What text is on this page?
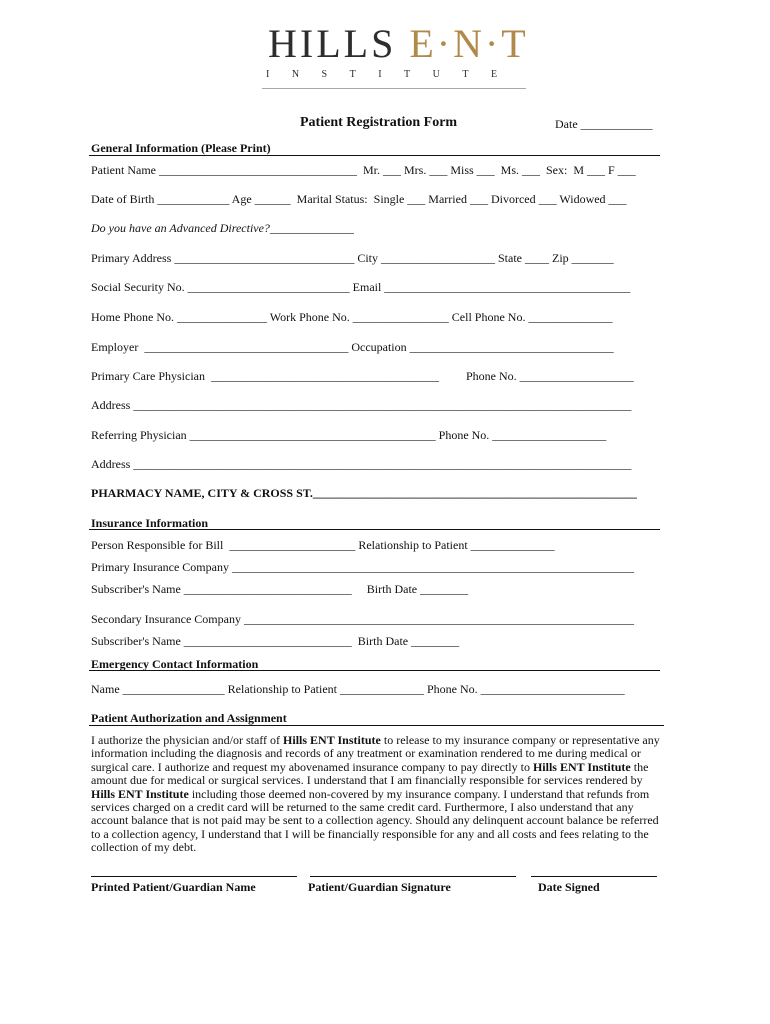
HILLS E·N·T
INSTITUTE
Patient Registration Form	Date ____________
General Information (Please Print)
Patient Name _________________________________  Mr. ___ Mrs. ___ Miss ___  Ms. ___  Sex:  M ___ F ___
Date of Birth ____________ Age ______  Marital Status:  Single ___ Married ___ Divorced ___ Widowed ___
Do you have an Advanced Directive?______________
Primary Address ______________________________ City ___________________ State ____ Zip _______
Social Security No. ___________________________ Email _________________________________________
Home Phone No. _______________ Work Phone No. ________________ Cell Phone No. ______________
Employer  __________________________________ Occupation __________________________________
Primary Care Physician  ______________________________________         Phone No. ___________________
Address ___________________________________________________________________________________
Referring Physician _________________________________________ Phone No. ___________________
Address ___________________________________________________________________________________
PHARMACY NAME, CITY & CROSS ST.______________________________________________________
Insurance Information
Person Responsible for Bill  _____________________ Relationship to Patient ______________
Primary Insurance Company ___________________________________________________________________
Subscriber's Name ____________________________     Birth Date ________
Secondary Insurance Company _________________________________________________________________
Subscriber's Name ____________________________  Birth Date ________
Emergency Contact Information
Name _________________ Relationship to Patient ______________ Phone No. ________________________
Patient Authorization and Assignment
I authorize the physician and/or staff of Hills ENT Institute to release to my insurance company or representative any information including the diagnosis and records of any treatment or examination rendered to me during medical or surgical care. I authorize and request my abovenamed insurance company to pay directly to Hills ENT Institute the amount due for medical or surgical services. I understand that I am financially responsible for services rendered by Hills ENT Institute including those deemed non-covered by my insurance company. I understand that refunds from services charged on a credit card will be returned to the same credit card. Furthermore, I also understand that any account balance that is not paid may be sent to a collection agency. Should any delinquent account balance be referred to a collection agency, I understand that I will be financially responsible for any and all costs and fees relating to the collection of my debt.
Printed Patient/Guardian Name	Patient/Guardian Signature	Date Signed
